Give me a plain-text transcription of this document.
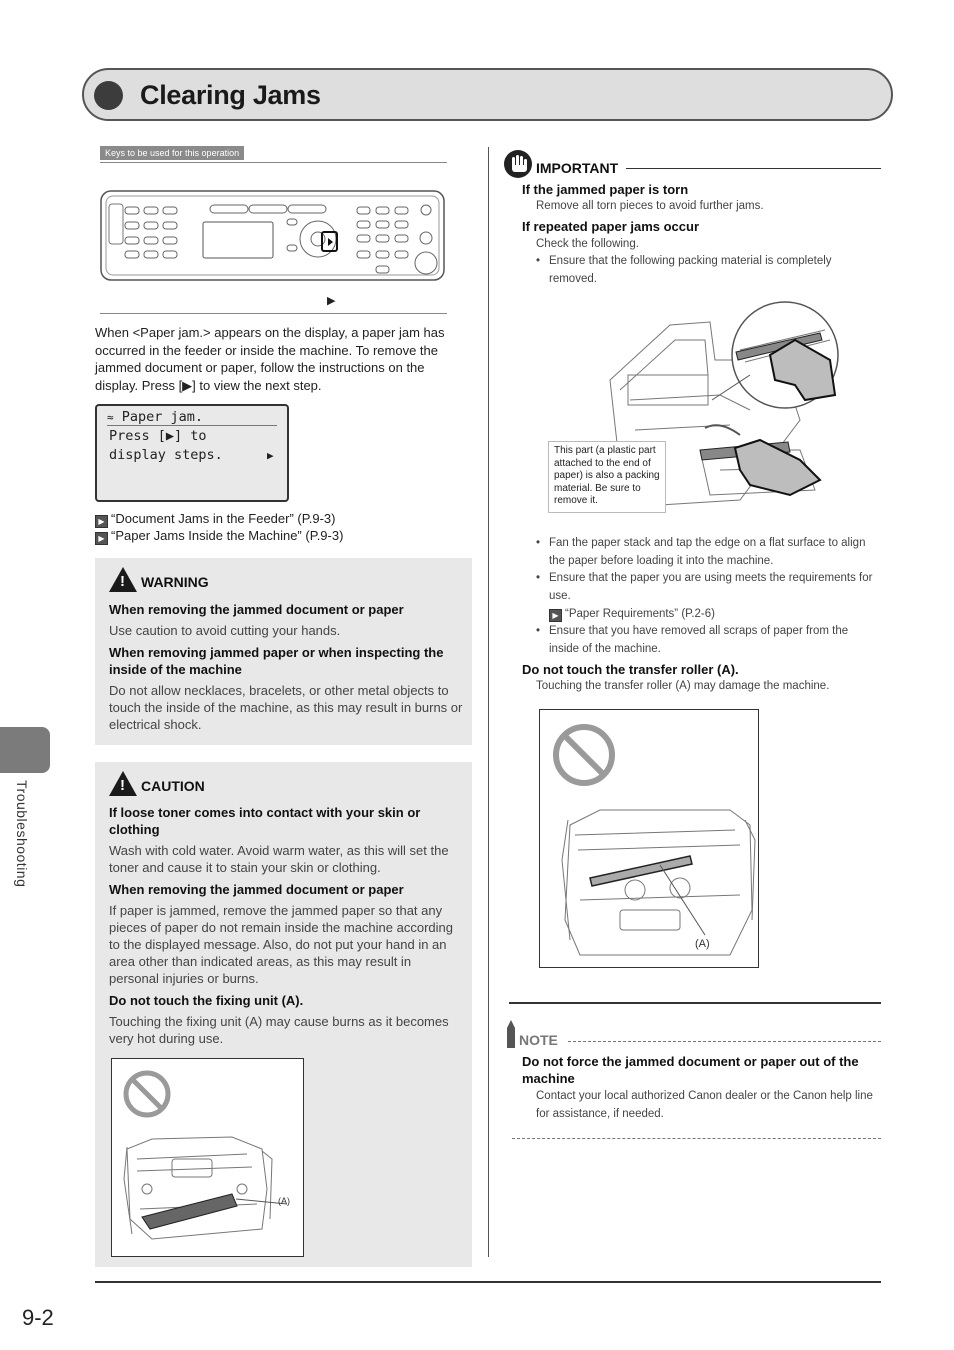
Clearing Jams
Troubleshooting
Keys to be used for this operation
▶
When <Paper jam.> appears on the display, a paper jam has
occurred in the feeder or inside the machine. To remove the
jammed document or paper, follow the instructions on the
display. Press [▶] to view the next step.
≈ Paper jam.
Press [▶] to
display steps.	▶
▶ “Document Jams in the Feeder” (P.9-3)
▶ “Paper Jams Inside the Machine” (P.9-3)
! WARNING
When removing the jammed document or paper
Use caution to avoid cutting your hands.
When removing jammed paper or when inspecting the inside of the machine
Do not allow necklaces, bracelets, or other metal objects to touch the inside of the machine, as this may result in burns or electrical shock.
! CAUTION
If loose toner comes into contact with your skin or clothing
Wash with cold water. Avoid warm water, as this will set the toner and cause it to stain your skin or clothing.
When removing the jammed document or paper
If paper is jammed, remove the jammed paper so that any pieces of paper do not remain inside the machine according to the displayed message. Also, do not put your hand in an area other than indicated areas, as this may result in personal injuries or burns.
Do not touch the fixing unit (A).
Touching the fixing unit (A) may cause burns as it becomes very hot during use.
(A)
IMPORTANT
If the jammed paper is torn
Remove all torn pieces to avoid further jams.
If repeated paper jams occur
Check the following.
• Ensure that the following packing material is completely removed.
This part (a plastic part attached to the end of paper) is also a packing material. Be sure to remove it.
• Fan the paper stack and tap the edge on a flat surface to align the paper before loading it into the machine.
• Ensure that the paper you are using meets the requirements for use.
▶ “Paper Requirements” (P.2-6)
• Ensure that you have removed all scraps of paper from the inside of the machine.
Do not touch the transfer roller (A).
Touching the transfer roller (A) may damage the machine.
(A)
NOTE
Do not force the jammed document or paper out of the machine
Contact your local authorized Canon dealer or the Canon help line for assistance, if needed.
9-2
